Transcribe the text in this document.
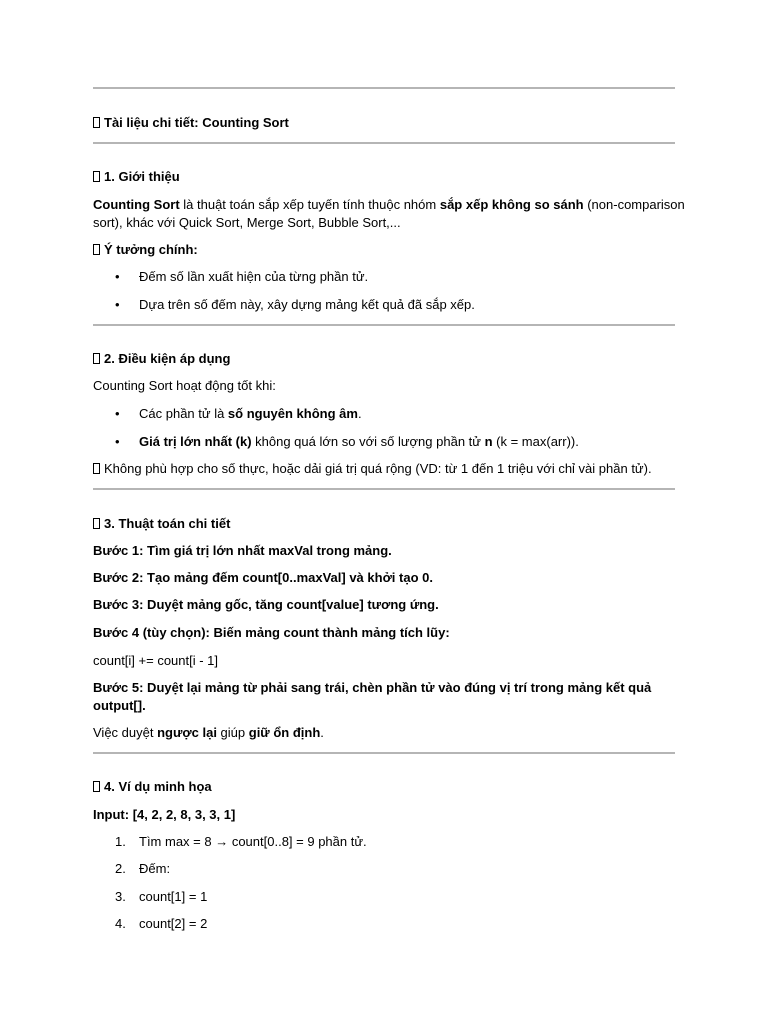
Tài liệu chi tiết: Counting Sort
1. Giới thiệu
Counting Sort là thuật toán sắp xếp tuyến tính thuộc nhóm sắp xếp không so sánh (non-comparison
sort), khác với Quick Sort, Merge Sort, Bubble Sort,...
Ý tưởng chính:
• Đếm số lần xuất hiện của từng phần tử.
• Dựa trên số đếm này, xây dựng mảng kết quả đã sắp xếp.
2. Điều kiện áp dụng
Counting Sort hoạt động tốt khi:
• Các phần tử là số nguyên không âm.
• Giá trị lớn nhất (k) không quá lớn so với số lượng phần tử n (k = max(arr)).
Không phù hợp cho số thực, hoặc dải giá trị quá rộng (VD: từ 1 đến 1 triệu với chỉ vài phần tử).
3. Thuật toán chi tiết
Bước 1: Tìm giá trị lớn nhất maxVal trong mảng.
Bước 2: Tạo mảng đếm count[0..maxVal] và khởi tạo 0.
Bước 3: Duyệt mảng gốc, tăng count[value] tương ứng.
Bước 4 (tùy chọn): Biến mảng count thành mảng tích lũy:
count[i] += count[i - 1]
Bước 5: Duyệt lại mảng từ phải sang trái, chèn phần tử vào đúng vị trí trong mảng kết quả
output[].
Việc duyệt ngược lại giúp giữ ổn định.
4. Ví dụ minh họa
Input: [4, 2, 2, 8, 3, 3, 1]
1.	Tìm max = 8 → count[0..8] = 9 phần tử.
2.	Đếm:
3.	count[1] = 1
4.	count[2] = 2
